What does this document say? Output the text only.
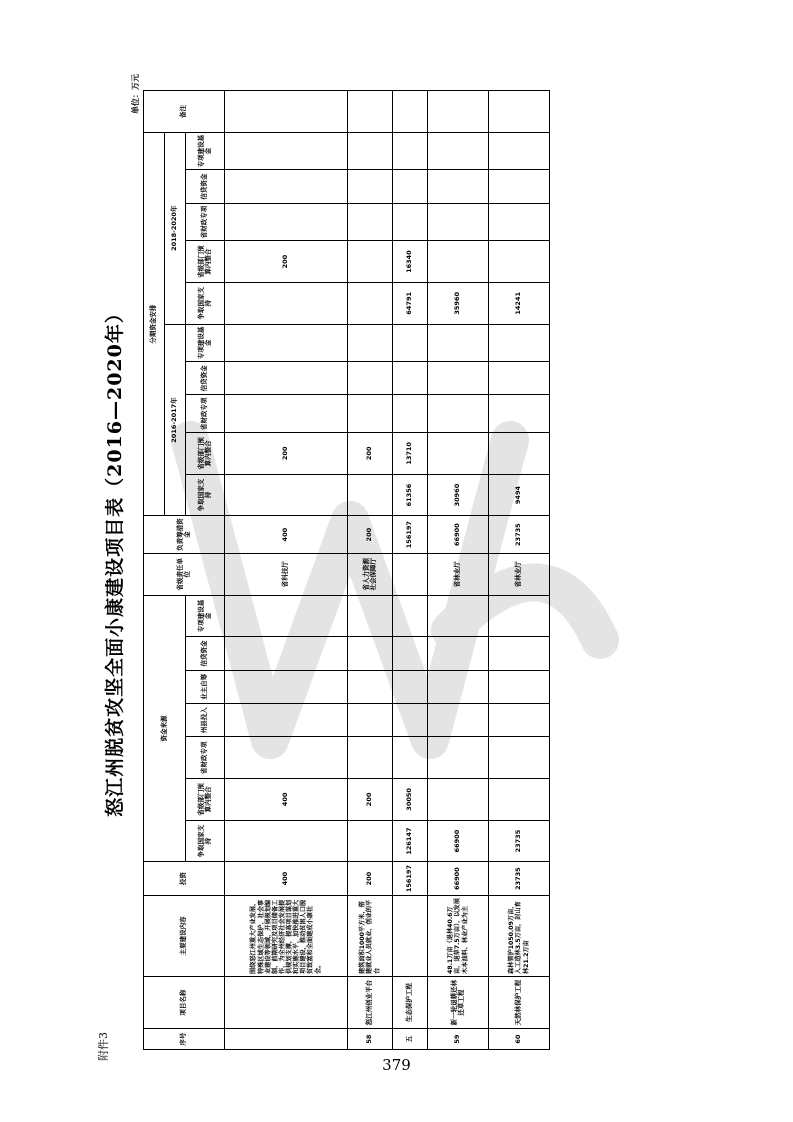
怒江州脱贫攻坚全面小康建设项目表（2016—2020年）
单位：万元
序号	项目名称	主要建设内容	投资	资金来源							省级责任单位	负责筹措资金	分期资金安排										备注
													2016-2017年					2018-2020年					
				争取国家支持	省级部门预算内整合	省财政专项	州县投入	业主自筹	信贷资金	专项建设基金			争取国家支持	省级部门预算内整合	省财政专项	信贷资金	专项建设基金	争取国家支持	省级部门预算内整合	省财政专项	信贷资金	专项建设基金	
		围绕怒江州重大产业发展、特殊区域生态保护、社会事业建设等领域，开展规划编制、前期研究及项目储备工作，为全州经济社会发展提供规划支撑，提高项目谋划和实施水平，加快推进重大项目建设，推动贫困人口脱贫致富和全面建成小康社会。	400		400						省科技厅	400		200					200				
58	怒江州创业平台	建筑面积1000平方米，搭建就业人员就业、创业的平台	200		200						省人力资源社会保障厅	200		200									
五	生态保护工程		156197	126147	30050							156197	61356	13710				64791	16340				
59	新一轮退耕还林还草工程	48.1万亩（退林40.6万亩，退草7.5万亩），以发展木本油料、林业产业为主	66900	66900							省林业厅	66900	30960					35960					
60	天然林保护工程	森林管护1050.09万亩，人工造林3.5万亩，封山育林21.2万亩	23735	23735							省林业厅	23735	9494					14241					
附件3
379
